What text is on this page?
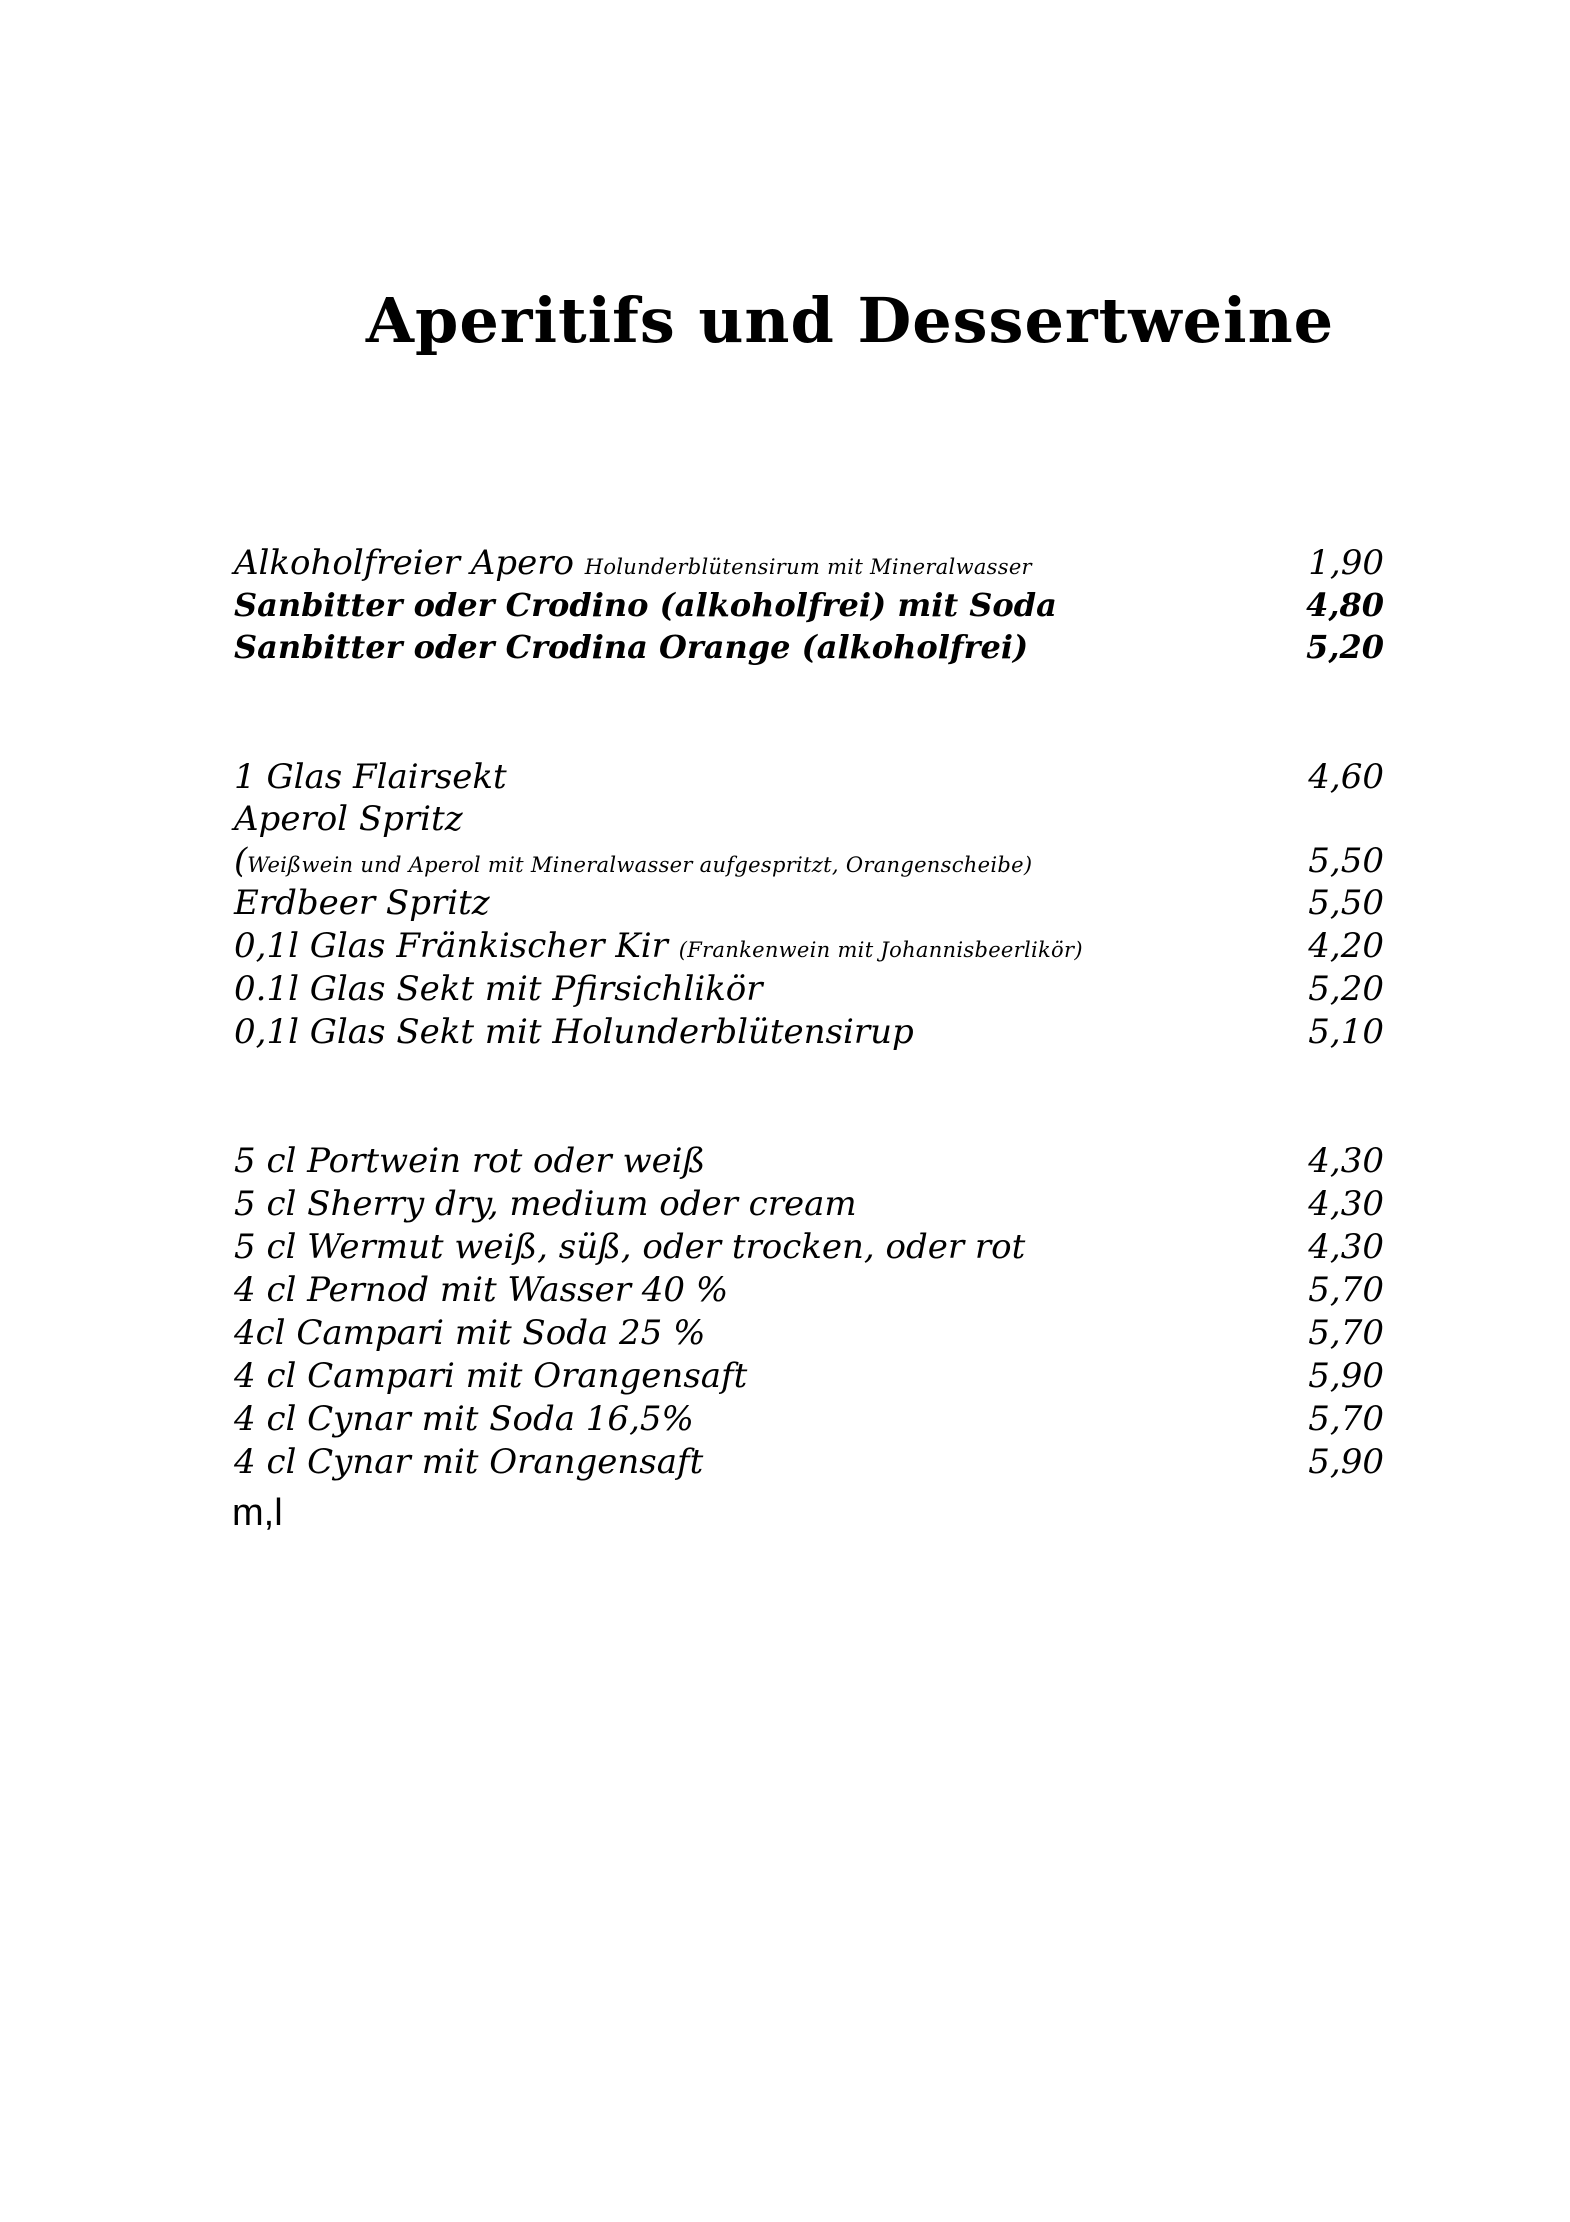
Aperitifs und Dessertweine
Alkoholfreier Apero Holunderblütensirum mit Mineralwasser	1,90
Sanbitter oder Crodino (alkoholfrei) mit Soda	4,80
Sanbitter oder Crodina Orange (alkoholfrei)	5,20
1 Glas Flairsekt	4,60
Aperol Spritz
(Weißwein und Aperol mit Mineralwasser aufgespritzt, Orangenscheibe)	5,50
Erdbeer Spritz	5,50
0,1l Glas Fränkischer Kir (Frankenwein mit Johannisbeerlikör)	4,20
0.1l Glas Sekt mit Pfirsichlikör	5,20
0,1l Glas Sekt mit Holunderblütensirup	5,10
5 cl Portwein rot oder weiß	4,30
5 cl Sherry dry, medium oder cream	4,30
5 cl Wermut weiß, süß, oder trocken, oder rot	4,30
4 cl Pernod mit Wasser 40 %	5,70
4cl Campari mit Soda 25 %	5,70
4 cl Campari mit Orangensaft	5,90
4 cl Cynar mit Soda 16,5%	5,70
4 cl Cynar mit Orangensaft	5,90
m,l
